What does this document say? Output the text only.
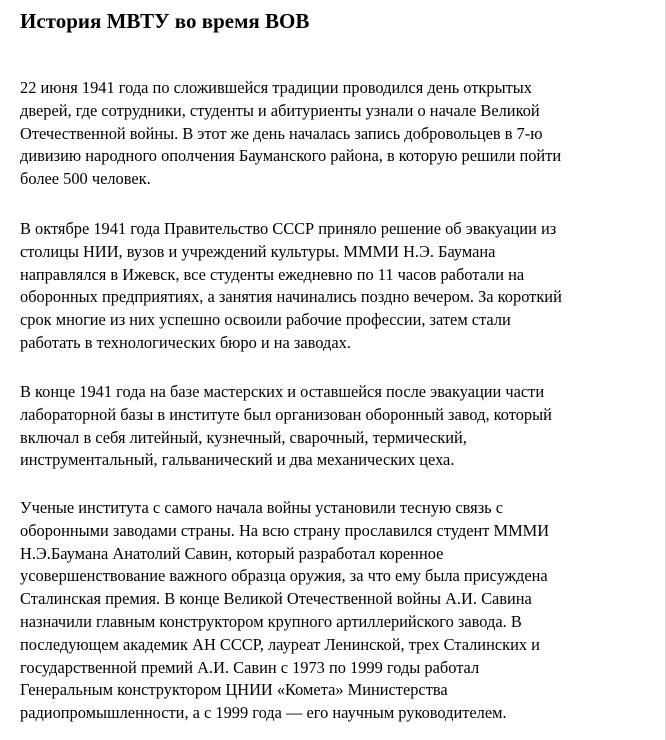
История МВТУ во время ВОВ

22 июня 1941 года по сложившейся традиции проводился день открытых
дверей, где сотрудники, студенты и абитуриенты узнали о начале Великой
Отечественной войны. В этот же день началась запись добровольцев в 7-ю
дивизию народного ополчения Бауманского района, в которую решили пойти
более 500 человек.

В октябре 1941 года Правительство СССР приняло решение об эвакуации из
столицы НИИ, вузов и учреждений культуры. МММИ Н.Э. Баумана
направлялся в Ижевск, все студенты ежедневно по 11 часов работали на
оборонных предприятиях, а занятия начинались поздно вечером. За короткий
срок многие из них успешно освоили рабочие профессии, затем стали
работать в технологических бюро и на заводах.

В конце 1941 года на базе мастерских и оставшейся после эвакуации части
лабораторной базы в институте был организован оборонный завод, который
включал в себя литейный, кузнечный, сварочный, термический,
инструментальный, гальванический и два механических цеха.

Ученые института с самого начала войны установили тесную связь с
оборонными заводами страны. На всю страну прославился студент МММИ
Н.Э.Баумана Анатолий Савин, который разработал коренное
усовершенствование важного образца оружия, за что ему была присуждена
Сталинская премия. В конце Великой Отечественной войны А.И. Савина
назначили главным конструктором крупного артиллерийского завода. В
последующем академик АН СССР, лауреат Ленинской, трех Сталинских и
государственной премий А.И. Савин с 1973 по 1999 годы работал
Генеральным конструктором ЦНИИ «Комета» Министерства
радиопромышленности, а с 1999 года — его научным руководителем.
